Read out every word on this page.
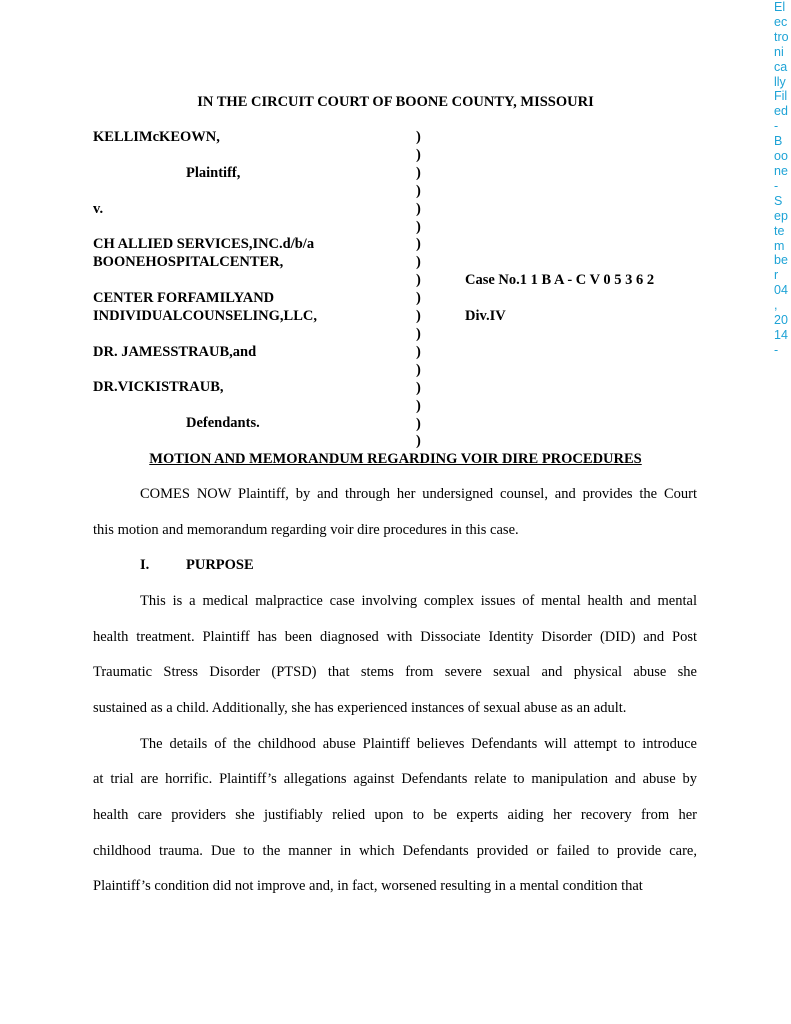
El
ec
tro
ni
ca
lly
Fil
ed
-
B
oo
ne
-
S
ep
te
m
be
r
04
,
20
14
-
IN THE CIRCUIT COURT OF BOONE COUNTY, MISSOURI
KELLIMcKEOWN,
Plaintiff,
v.
CH ALLIED SERVICES,INC.d/b/a
BOONEHOSPITALCENTER,
CENTER FORFAMILYAND
INDIVIDUALCOUNSELING,LLC,
DR. JAMESSTRAUB,and
DR.VICKISTRAUB,
Defendants.
)
)
)
)
)
)
)
)
)
)
)
)
)
)
)
)
)
)
Case No.1 1 B A - C V 0 5 3 6 2
Div.IV
MOTION AND MEMORANDUM REGARDING VOIR DIRE PROCEDURES
COMES NOW Plaintiff, by and through her undersigned counsel, and provides the Court
this motion and memorandum regarding voir dire procedures in this case.
I.	PURPOSE
This is a medical malpractice case involving complex issues of mental health and mental
health treatment. Plaintiff has been diagnosed with Dissociate Identity Disorder (DID) and Post
Traumatic Stress Disorder (PTSD) that stems from severe sexual and physical abuse she
sustained as a child. Additionally, she has experienced instances of sexual abuse as an adult.
The details of the childhood abuse Plaintiff believes Defendants will attempt to introduce
at trial are horrific. Plaintiff’s allegations against Defendants relate to manipulation and abuse by
health care providers she justifiably relied upon to be experts aiding her recovery from her
childhood trauma. Due to the manner in which Defendants provided or failed to provide care,
Plaintiff’s condition did not improve and, in fact, worsened resulting in a mental condition that
